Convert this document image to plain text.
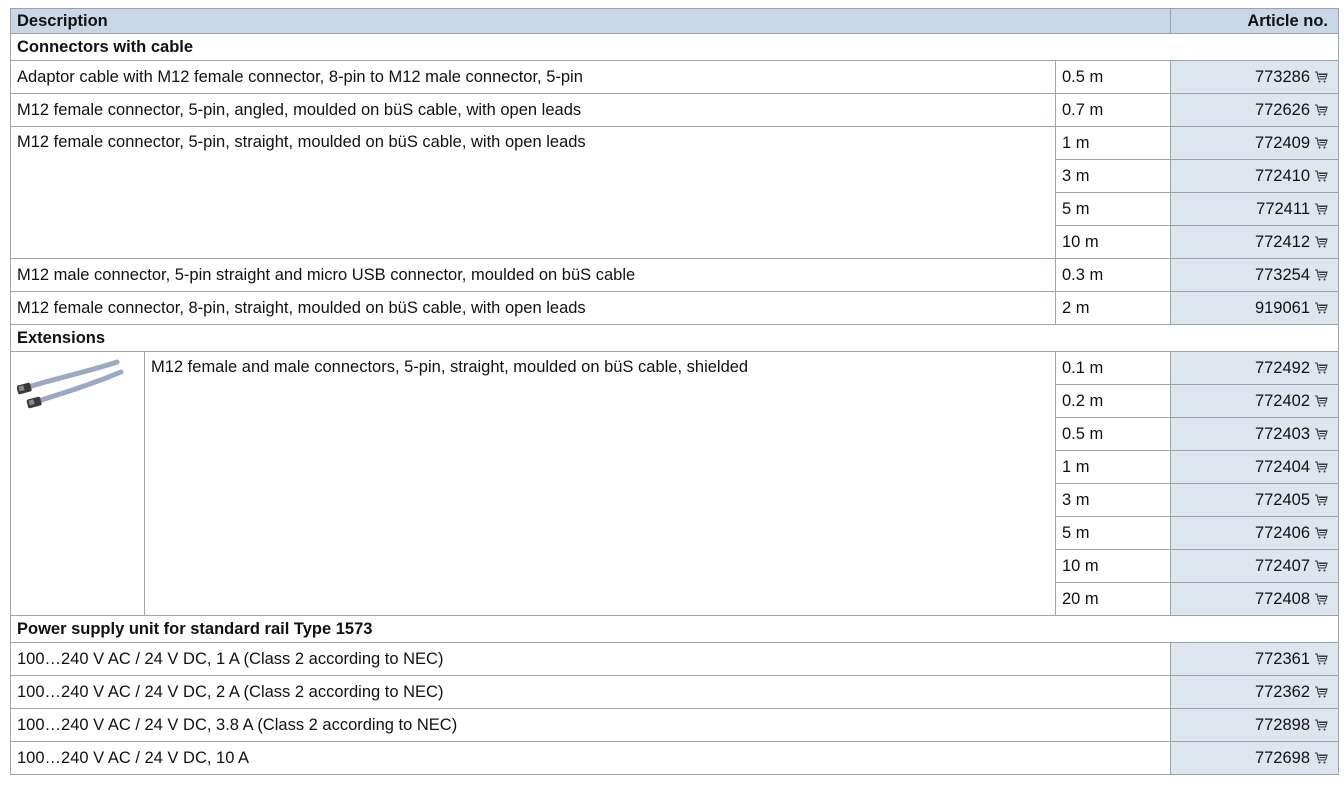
Description			Article no.
Connectors with cable			
Adaptor cable with M12 female connector, 8-pin to M12 male connector, 5-pin		0.5 m	773286
M12 female connector, 5-pin, angled, moulded on büS cable, with open leads		0.7 m	772626
M12 female connector, 5-pin, straight, moulded on büS cable, with open leads		1 m	772409
		3 m	772410
		5 m	772411
		10 m	772412
M12 male connector, 5-pin straight and micro USB connector, moulded on büS cable		0.3 m	773254
M12 female connector, 8-pin, straight, moulded on büS cable, with open leads		2 m	919061
Extensions			
	M12 female and male connectors, 5-pin, straight, moulded on büS cable, shielded	0.1 m	772492
		0.2 m	772402
		0.5 m	772403
		1 m	772404
		3 m	772405
		5 m	772406
		10 m	772407
		20 m	772408
Power supply unit for standard rail Type 1573			
100…240 V AC / 24 V DC, 1 A (Class 2 according to NEC)			772361
100…240 V AC / 24 V DC, 2 A (Class 2 according to NEC)			772362
100…240 V AC / 24 V DC, 3.8 A (Class 2 according to NEC)			772898
100…240 V AC / 24 V DC, 10 A			772698
